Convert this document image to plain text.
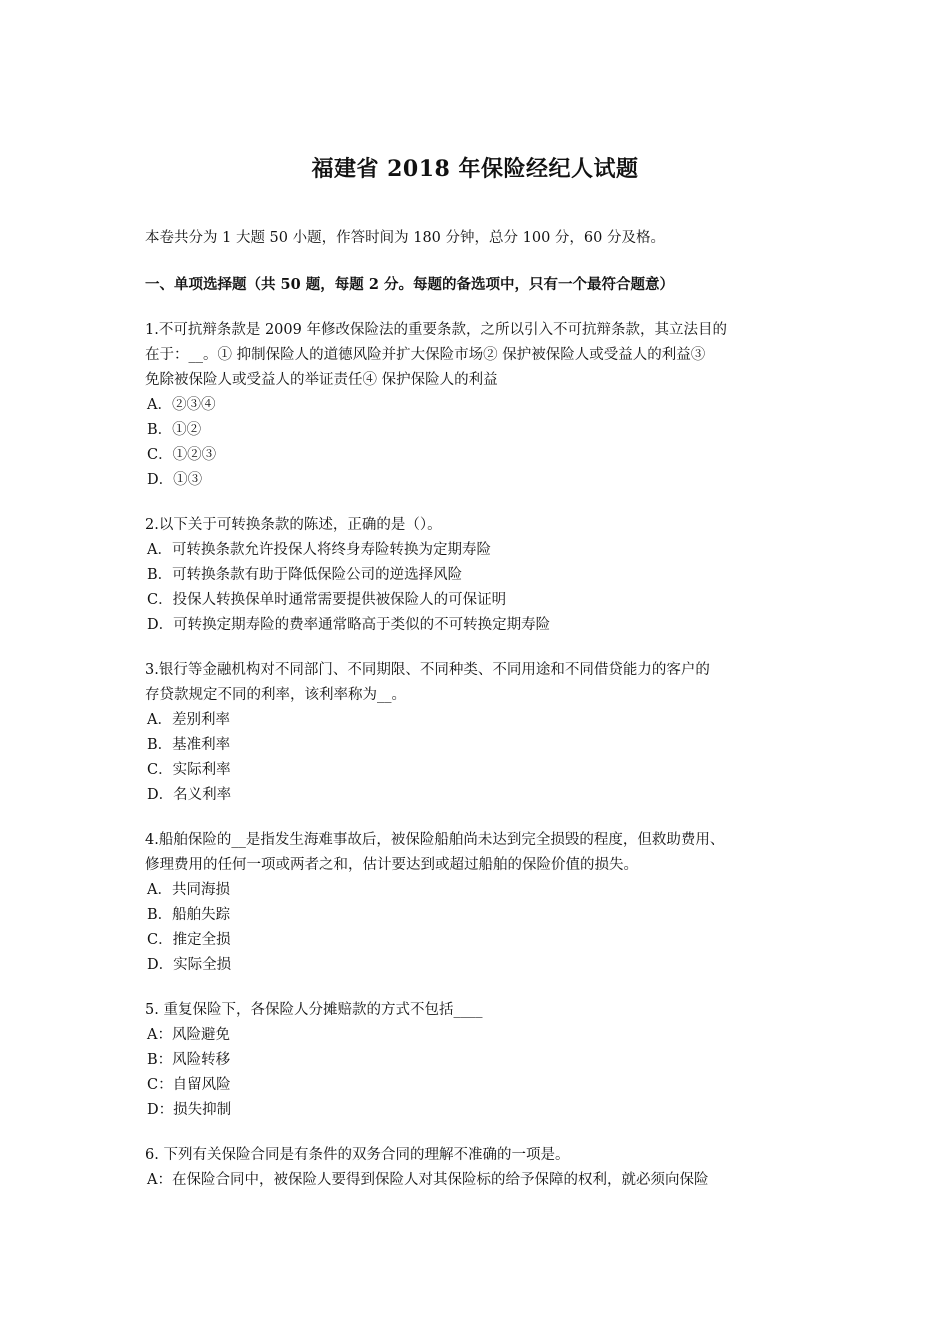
福建省 2018 年保险经纪人试题

本卷共分为 1 大题 50 小题，作答时间为 180 分钟，总分 100 分，60 分及格。

一、单项选择题（共 50 题，每题 2 分。每题的备选项中，只有一个最符合题意）

1.不可抗辩条款是 2009 年修改保险法的重要条款，之所以引入不可抗辩条款，其立法目的

在于：__。① 抑制保险人的道德风险并扩大保险市场② 保护被保险人或受益人的利益③

免除被保险人或受益人的举证责任④ 保护保险人的利益

A．②③④

B．①②

C．①②③

D．①③

2.以下关于可转换条款的陈述，正确的是（）。

A．可转换条款允许投保人将终身寿险转换为定期寿险

B．可转换条款有助于降低保险公司的逆选择风险

C．投保人转换保单时通常需要提供被保险人的可保证明

D．可转换定期寿险的费率通常略高于类似的不可转换定期寿险

3.银行等金融机构对不同部门、不同期限、不同种类、不同用途和不同借贷能力的客户的

存贷款规定不同的利率，该利率称为__。

A．差别利率

B．基准利率

C．实际利率

D．名义利率

4.船舶保险的__是指发生海难事故后，被保险船舶尚未达到完全损毁的程度，但救助费用、

修理费用的任何一项或两者之和，估计要达到或超过船舶的保险价值的损失。

A．共同海损

B．船舶失踪

C．推定全损

D．实际全损

5. 重复保险下，各保险人分摊赔款的方式不包括____

A：风险避免

B：风险转移

C：自留风险

D：损失抑制

6. 下列有关保险合同是有条件的双务合同的理解不准确的一项是。

A：在保险合同中，被保险人要得到保险人对其保险标的给予保障的权利，就必须向保险
